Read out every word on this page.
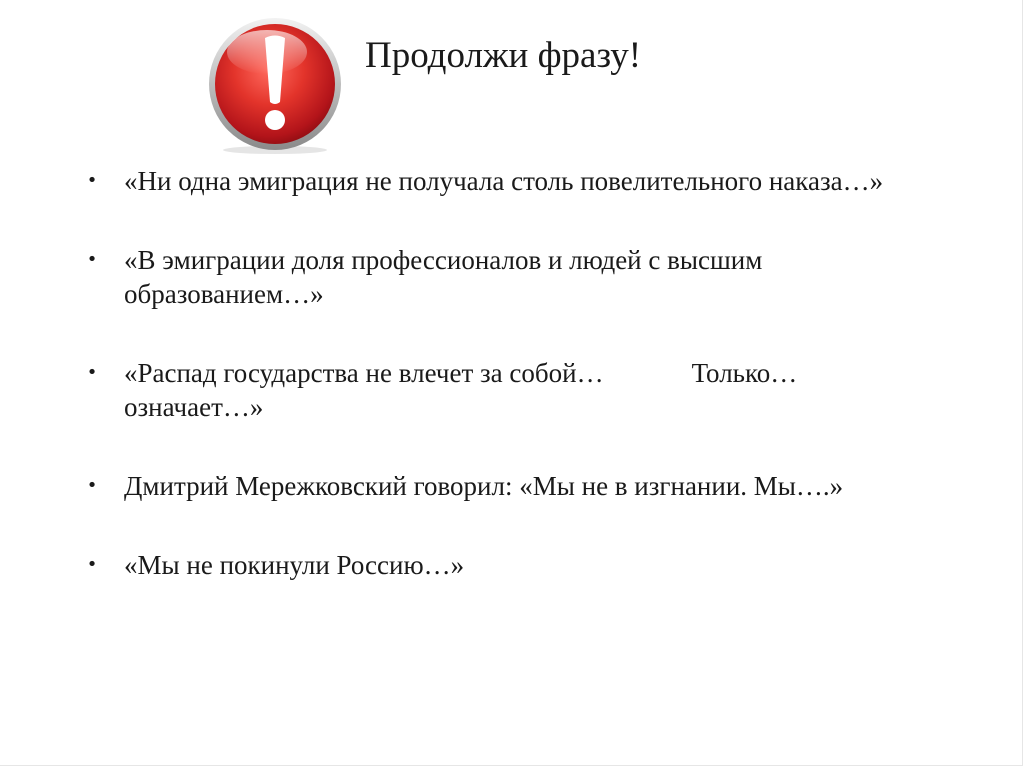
Продолжи фразу!
• «Ни одна эмиграция не получала столь повелительного наказа…»
• «В эмиграции доля профессионалов и людей с высшим
образованием…»
• «Распад государства не влечет за собой…	Только…
означает…»
• Дмитрий Мережковский говорил: «Мы не в изгнании. Мы….»
• «Мы не покинули Россию…»
